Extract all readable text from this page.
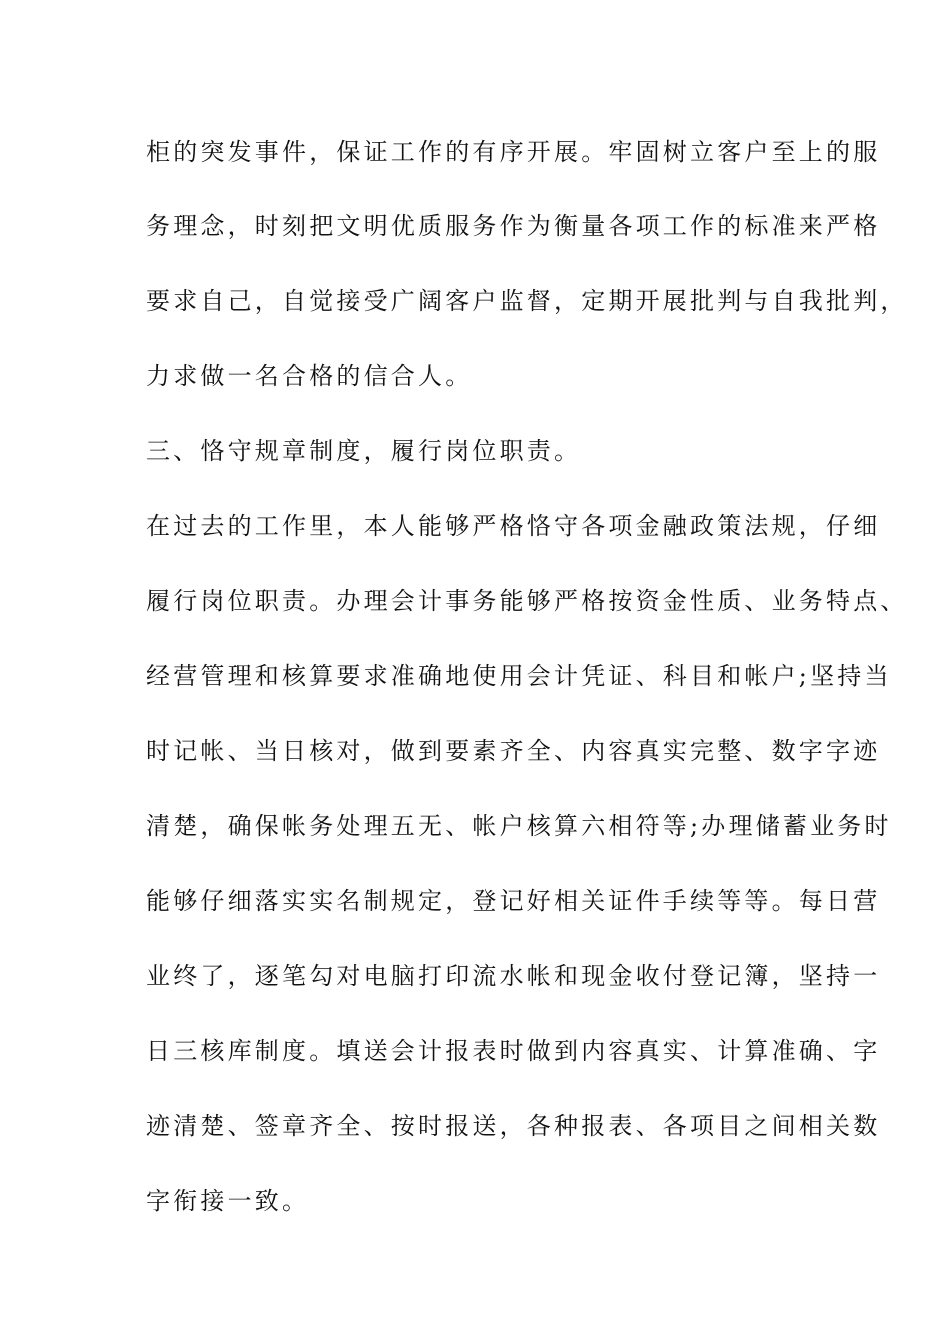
柜的突发事件，保证工作的有序开展。牢固树立客户至上的服
务理念，时刻把文明优质服务作为衡量各项工作的标准来严格
要求自己，自觉接受广阔客户监督，定期开展批判与自我批判，
力求做一名合格的信合人。
三、恪守规章制度，履行岗位职责。
在过去的工作里，本人能够严格恪守各项金融政策法规，仔细
履行岗位职责。办理会计事务能够严格按资金性质、业务特点、
经营管理和核算要求准确地使用会计凭证、科目和帐户;坚持当
时记帐、当日核对，做到要素齐全、内容真实完整、数字字迹
清楚，确保帐务处理五无、帐户核算六相符等;办理储蓄业务时
能够仔细落实实名制规定，登记好相关证件手续等等。每日营
业终了，逐笔勾对电脑打印流水帐和现金收付登记簿，坚持一
日三核库制度。填送会计报表时做到内容真实、计算准确、字
迹清楚、签章齐全、按时报送，各种报表、各项目之间相关数
字衔接一致。
